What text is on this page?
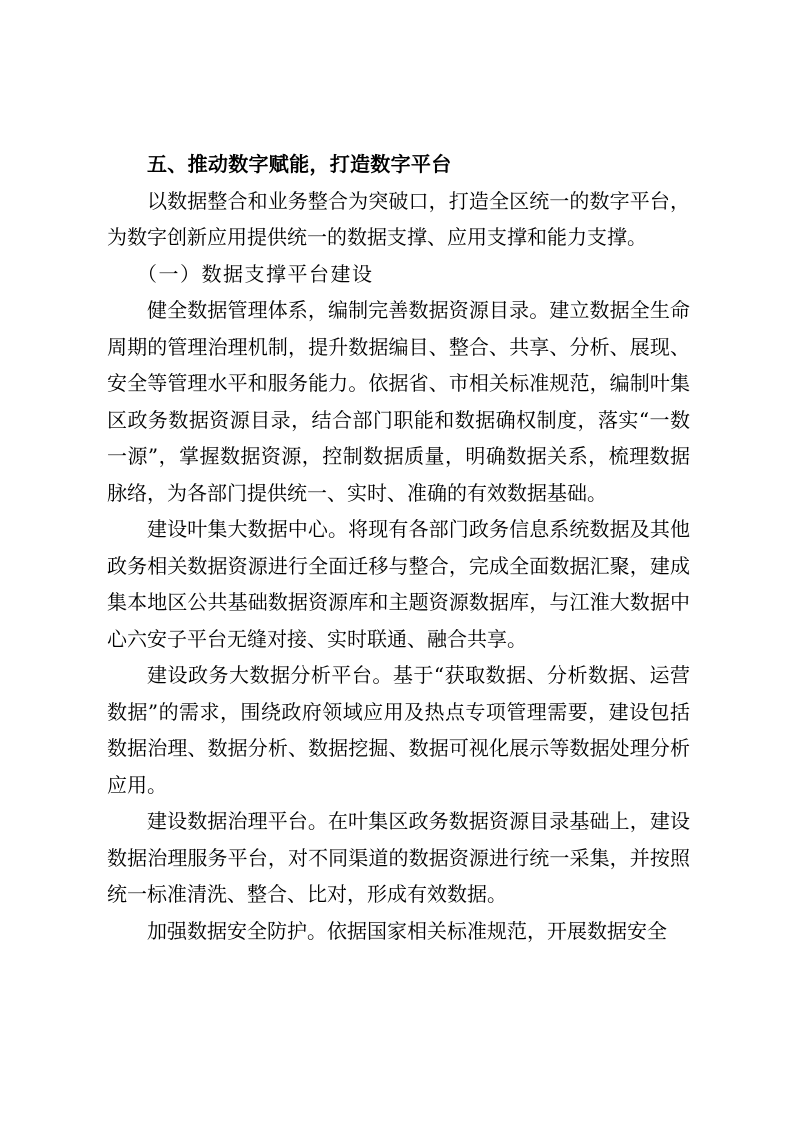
五、推动数字赋能，打造数字平台

以数据整合和业务整合为突破口，打造全区统一的数字平台，为数字创新应用提供统一的数据支撑、应用支撑和能力支撑。

（一）数据支撑平台建设

健全数据管理体系，编制完善数据资源目录。建立数据全生命周期的管理治理机制，提升数据编目、整合、共享、分析、展现、安全等管理水平和服务能力。依据省、市相关标准规范，编制叶集区政务数据资源目录，结合部门职能和数据确权制度，落实“一数一源”，掌握数据资源，控制数据质量，明确数据关系，梳理数据脉络，为各部门提供统一、实时、准确的有效数据基础。

建设叶集大数据中心。将现有各部门政务信息系统数据及其他政务相关数据资源进行全面迁移与整合，完成全面数据汇聚，建成集本地区公共基础数据资源库和主题资源数据库，与江淮大数据中心六安子平台无缝对接、实时联通、融合共享。

建设政务大数据分析平台。基于“获取数据、分析数据、运营数据”的需求，围绕政府领域应用及热点专项管理需要，建设包括数据治理、数据分析、数据挖掘、数据可视化展示等数据处理分析应用。

建设数据治理平台。在叶集区政务数据资源目录基础上，建设数据治理服务平台，对不同渠道的数据资源进行统一采集，并按照统一标准清洗、整合、比对，形成有效数据。

加强数据安全防护。依据国家相关标准规范，开展数据安全
